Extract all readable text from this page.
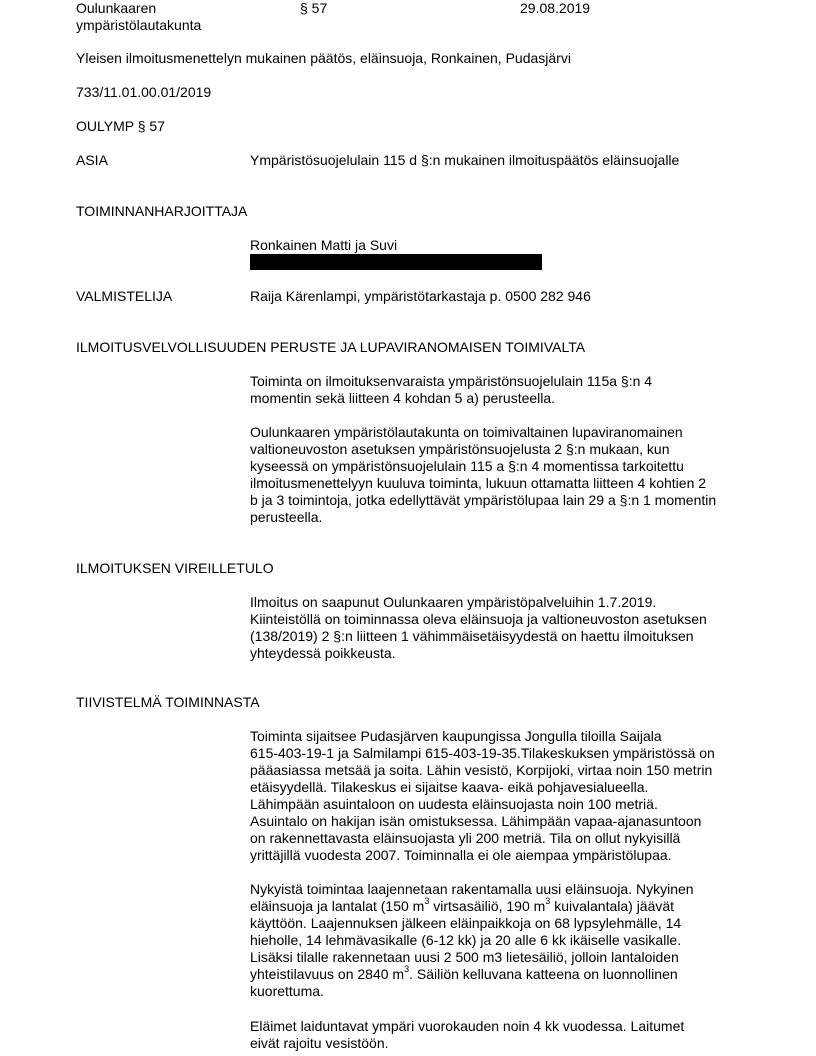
Oulunkaaren
ympäristölautakunta
§ 57	29.08.2019
Yleisen ilmoitusmenettelyn mukainen päätös, eläinsuoja, Ronkainen, Pudasjärvi
733/11.01.00.01/2019
OULYMP § 57
ASIA	Ympäristösuojelulain 115 d §:n mukainen ilmoituspäätös eläinsuojalle
TOIMINNANHARJOITTAJA
Ronkainen Matti ja Suvi
VALMISTELIJA	Raija Kärenlampi, ympäristötarkastaja p. 0500 282 946
ILMOITUSVELVOLLISUUDEN PERUSTE JA LUPAVIRANOMAISEN TOIMIVALTA
Toiminta on ilmoituksenvaraista ympäristönsuojelulain 115a §:n 4
momentin sekä liitteen 4 kohdan 5 a) perusteella.
Oulunkaaren ympäristölautakunta on toimivaltainen lupaviranomainen
valtioneuvoston asetuksen ympäristönsuojelusta 2 §:n mukaan, kun
kyseessä on ympäristönsuojelulain 115 a §:n 4 momentissa tarkoitettu
ilmoitusmenettelyyn kuuluva toiminta, lukuun ottamatta liitteen 4 kohtien 2
b ja 3 toimintoja, jotka edellyttävät ympäristölupaa lain 29 a §:n 1 momentin
perusteella.
ILMOITUKSEN VIREILLETULO
Ilmoitus on saapunut Oulunkaaren ympäristöpalveluihin 1.7.2019.
Kiinteistöllä on toiminnassa oleva eläinsuoja ja valtioneuvoston asetuksen
(138/2019) 2 §:n liitteen 1 vähimmäisetäisyydestä on haettu ilmoituksen
yhteydessä poikkeusta.
TIIVISTELMÄ TOIMINNASTA
Toiminta sijaitsee Pudasjärven kaupungissa Jongulla tiloilla Saijala
615-403-19-1 ja Salmilampi 615-403-19-35.Tilakeskuksen ympäristössä on
pääasiassa metsää ja soita. Lähin vesistö, Korpijoki, virtaa noin 150 metrin
etäisyydellä. Tilakeskus ei sijaitse kaava- eikä pohjavesialueella.
Lähimpään asuintaloon on uudesta eläinsuojasta noin 100 metriä.
Asuintalo on hakijan isän omistuksessa. Lähimpään vapaa-ajanasuntoon
on rakennettavasta eläinsuojasta yli 200 metriä. Tila on ollut nykyisillä
yrittäjillä vuodesta 2007. Toiminnalla ei ole aiempaa ympäristölupaa.
Nykyistä toimintaa laajennetaan rakentamalla uusi eläinsuoja. Nykyinen
eläinsuoja ja lantalat (150 $m^3$ virtsasäiliö, 190 $m^3$ kuivalantala) jäävät
käyttöön. Laajennuksen jälkeen eläinpaikkoja on 68 lypsylehmälle, 14
hieholle, 14 lehmävasikalle (6-12 kk) ja 20 alle 6 kk ikäiselle vasikalle.
Lisäksi tilalle rakennetaan uusi 2 500 m3 lietesäiliö, jolloin lantaloiden
yhteistilavuus on 2840 $m^3$. Säiliön kelluvana katteena on luonnollinen
kuorettuma.
Eläimet laiduntavat ympäri vuorokauden noin 4 kk vuodessa. Laitumet
eivät rajoitu vesistöön.
